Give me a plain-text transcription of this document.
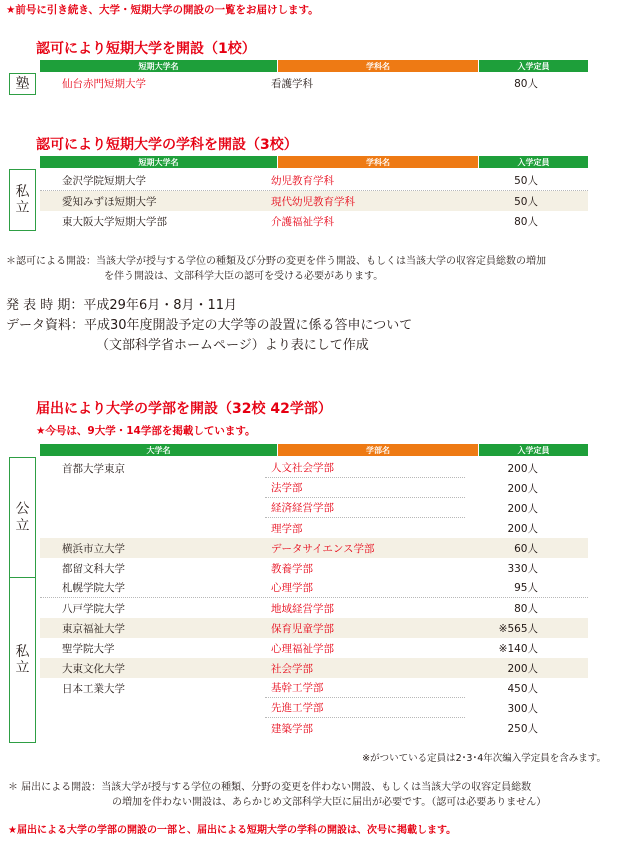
★前号に引き続き、大学・短期大学の開設の一覧をお届けします。
認可により短期大学を開設（1校）
短期大学名	学科名	入学定員
塾	仙台赤門短期大学	看護学科	80人
認可により短期大学の学科を開設（3校）
短期大学名	学科名	入学定員
私立
金沢学院短期大学	幼児教育学科	50人
愛知みずほ短期大学	現代幼児教育学科	50人
東大阪大学短期大学部	介護福祉学科	80人
＊認可による開設：当該大学が授与する学位の種類及び分野の変更を伴う開設、もしくは当該大学の収容定員総数の増加
を伴う開設は、文部科学大臣の認可を受ける必要があります。
発 表 時 期：平成29年6月・8月・11月
データ資料：平成30年度開設予定の大学等の設置に係る答申について
（文部科学省ホームページ）より表にして作成
届出により大学の学部を開設（32校 42学部）
★今号は、9大学・14学部を掲載しています。
大学名	学部名	入学定員
公立
私立
首都大学東京	人文社会学部	200人
法学部	200人
経済経営学部	200人
理学部	200人
横浜市立大学	データサイエンス学部	60人
都留文科大学	教養学部	330人
札幌学院大学	心理学部	95人
八戸学院大学	地域経営学部	80人
東京福祉大学	保育児童学部	※565人
聖学院大学	心理福祉学部	※140人
大東文化大学	社会学部	200人
日本工業大学	基幹工学部	450人
先進工学部	300人
建築学部	250人
※がついている定員は2･3･4年次編入学定員を含みます。
＊ 届出による開設：当該大学が授与する学位の種類、分野の変更を伴わない開設、もしくは当該大学の収容定員総数
の増加を伴わない開設は、あらかじめ文部科学大臣に届出が必要です。（認可は必要ありません）
★届出による大学の学部の開設の一部と、届出による短期大学の学科の開設は、次号に掲載します。
